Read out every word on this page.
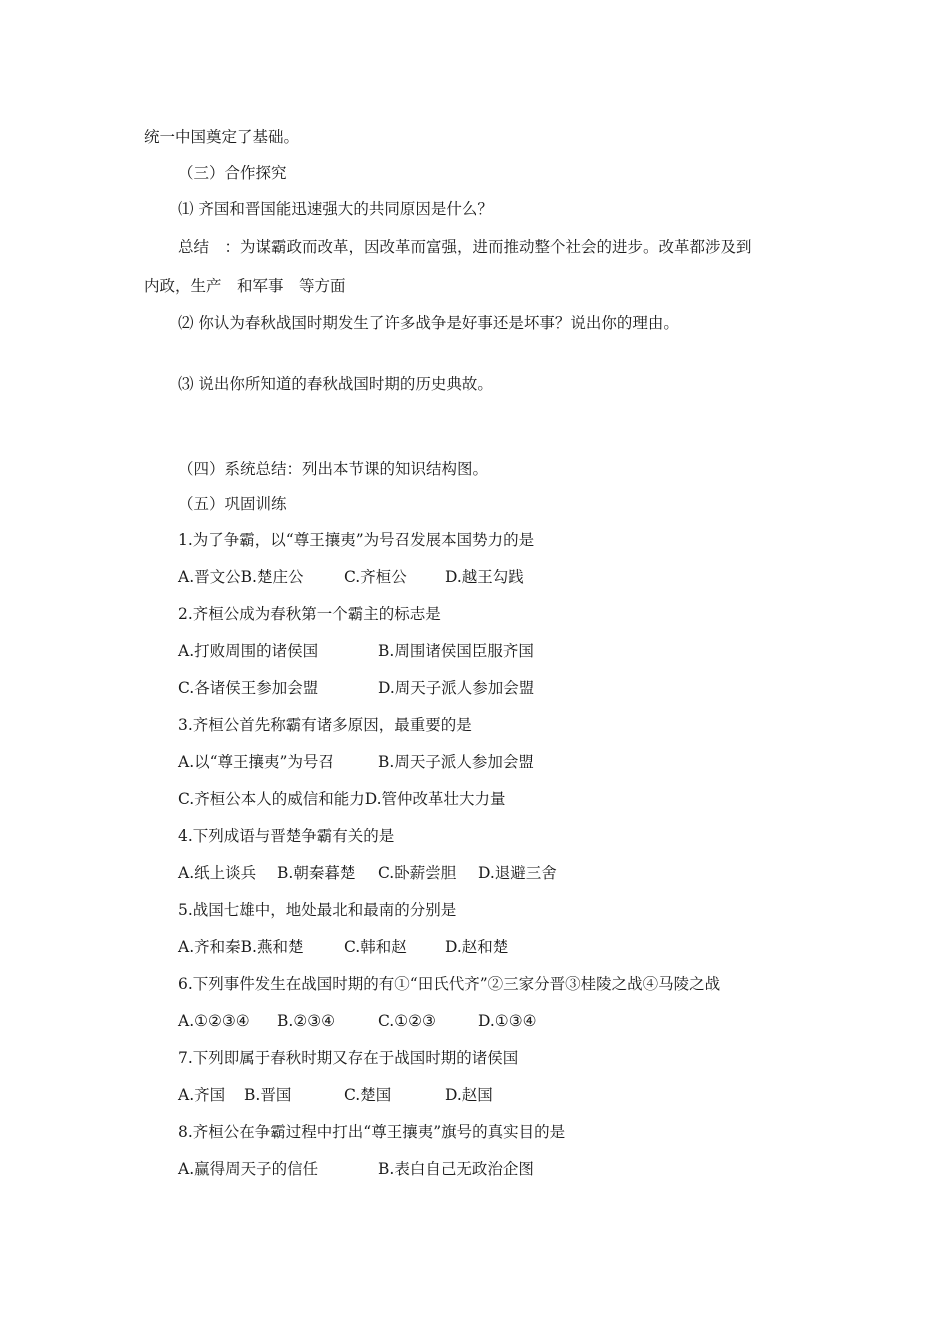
统一中国奠定了基础。
（三）合作探究
⑴ 齐国和晋国能迅速强大的共同原因是什么？
总结　：为谋霸政而改革，因改革而富强，进而推动整个社会的进步。改革都涉及到
内政，生产　和军事　等方面
⑵ 你认为春秋战国时期发生了许多战争是好事还是坏事？说出你的理由。
⑶ 说出你所知道的春秋战国时期的历史典故。
（四）系统总结：列出本节课的知识结构图。
（五）巩固训练
1.为了争霸，以“尊王攘夷”为号召发展本国势力的是
A.晋文公B.楚庄公	C.齐桓公 D.越王勾践
2.齐桓公成为春秋第一个霸主的标志是
A.打败周围的诸侯国	B.周围诸侯国臣服齐国
C.各诸侯王参加会盟	D.周天子派人参加会盟
3.齐桓公首先称霸有诸多原因，最重要的是
A.以“尊王攘夷”为号召	B.周天子派人参加会盟
C.齐桓公本人的威信和能力D.管仲改革壮大力量
4.下列成语与晋楚争霸有关的是
A.纸上谈兵 B.朝秦暮楚 C.卧薪尝胆 D.退避三舍
5.战国七雄中，地处最北和最南的分别是
A.齐和秦B.燕和楚	C.韩和赵 D.赵和楚
6.下列事件发生在战国时期的有①“田氏代齐”②三家分晋③桂陵之战④马陵之战
A.①②③④ B.②③④	C.①②③	D.①③④
7.下列即属于春秋时期又存在于战国时期的诸侯国
A.齐国 B.晋国	C.楚国	D.赵国
8.齐桓公在争霸过程中打出“尊王攘夷”旗号的真实目的是
A.赢得周天子的信任	B.表白自己无政治企图
